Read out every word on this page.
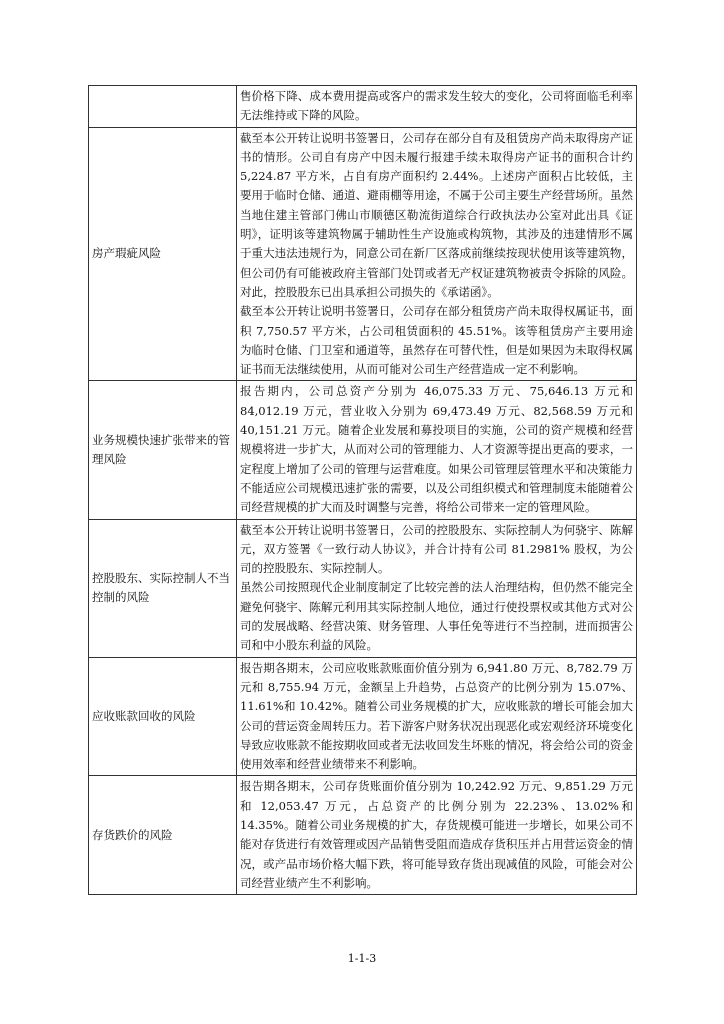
	售价格下降、成本费用提高或客户的需求发生较大的变化，公司将面临毛利率无法维持或下降的风险。

房产瑕疵风险	截至本公开转让说明书签署日，公司存在部分自有及租赁房产尚未取得房产证书的情形。公司自有房产中因未履行报建手续未取得房产证书的面积合计约 5,224.87 平方米，占自有房产面积约 2.44%。上述房产面积占比较低，主要用于临时仓储、通道、避雨棚等用途，不属于公司主要生产经营场所。虽然当地住建主管部门佛山市顺德区勒流街道综合行政执法办公室对此出具《证明》，证明该等建筑物属于辅助性生产设施或构筑物，其涉及的违建情形不属于重大违法违规行为，同意公司在新厂区落成前继续按现状使用该等建筑物，但公司仍有可能被政府主管部门处罚或者无产权证建筑物被责令拆除的风险。对此，控股股东已出具承担公司损失的《承诺函》。

截至本公开转让说明书签署日，公司存在部分租赁房产尚未取得权属证书，面积 7,750.57 平方米，占公司租赁面积的 45.51%。该等租赁房产主要用途为临时仓储、门卫室和通道等，虽然存在可替代性，但是如果因为未取得权属证书而无法继续使用，从而可能对公司生产经营造成一定不利影响。

业务规模快速扩张带来的管理风险	报告期内，公司总资产分别为 46,075.33 万元、75,646.13 万元和 84,012.19 万元，营业收入分别为 69,473.49 万元、82,568.59 万元和 40,151.21 万元。随着企业发展和募投项目的实施，公司的资产规模和经营规模将进一步扩大，从而对公司的管理能力、人才资源等提出更高的要求，一定程度上增加了公司的管理与运营难度。如果公司管理层管理水平和决策能力不能适应公司规模迅速扩张的需要，以及公司组织模式和管理制度未能随着公司经营规模的扩大而及时调整与完善，将给公司带来一定的管理风险。

控股股东、实际控制人不当控制的风险	截至本公开转让说明书签署日，公司的控股股东、实际控制人为何骁宇、陈解元，双方签署《一致行动人协议》，并合计持有公司 81.2981% 股权，为公司的控股股东、实际控制人。

虽然公司按照现代企业制度制定了比较完善的法人治理结构，但仍然不能完全避免何骁宇、陈解元利用其实际控制人地位，通过行使投票权或其他方式对公司的发展战略、经营决策、财务管理、人事任免等进行不当控制，进而损害公司和中小股东利益的风险。

应收账款回收的风险	报告期各期末，公司应收账款账面价值分别为 6,941.80 万元、8,782.79 万元和 8,755.94 万元，金额呈上升趋势，占总资产的比例分别为 15.07%、11.61%和 10.42%。随着公司业务规模的扩大，应收账款的增长可能会加大公司的营运资金周转压力。若下游客户财务状况出现恶化或宏观经济环境变化导致应收账款不能按期收回或者无法收回发生坏账的情况，将会给公司的资金使用效率和经营业绩带来不利影响。

存货跌价的风险	报告期各期末，公司存货账面价值分别为 10,242.92 万元、9,851.29 万元和 12,053.47 万元，占总资产的比例分别为 22.23%、13.02%和 14.35%。随着公司业务规模的扩大，存货规模可能进一步增长，如果公司不能对存货进行有效管理或因产品销售受阻而造成存货积压并占用营运资金的情况，或产品市场价格大幅下跌，将可能导致存货出现减值的风险，可能会对公司经营业绩产生不利影响。

1-1-3
